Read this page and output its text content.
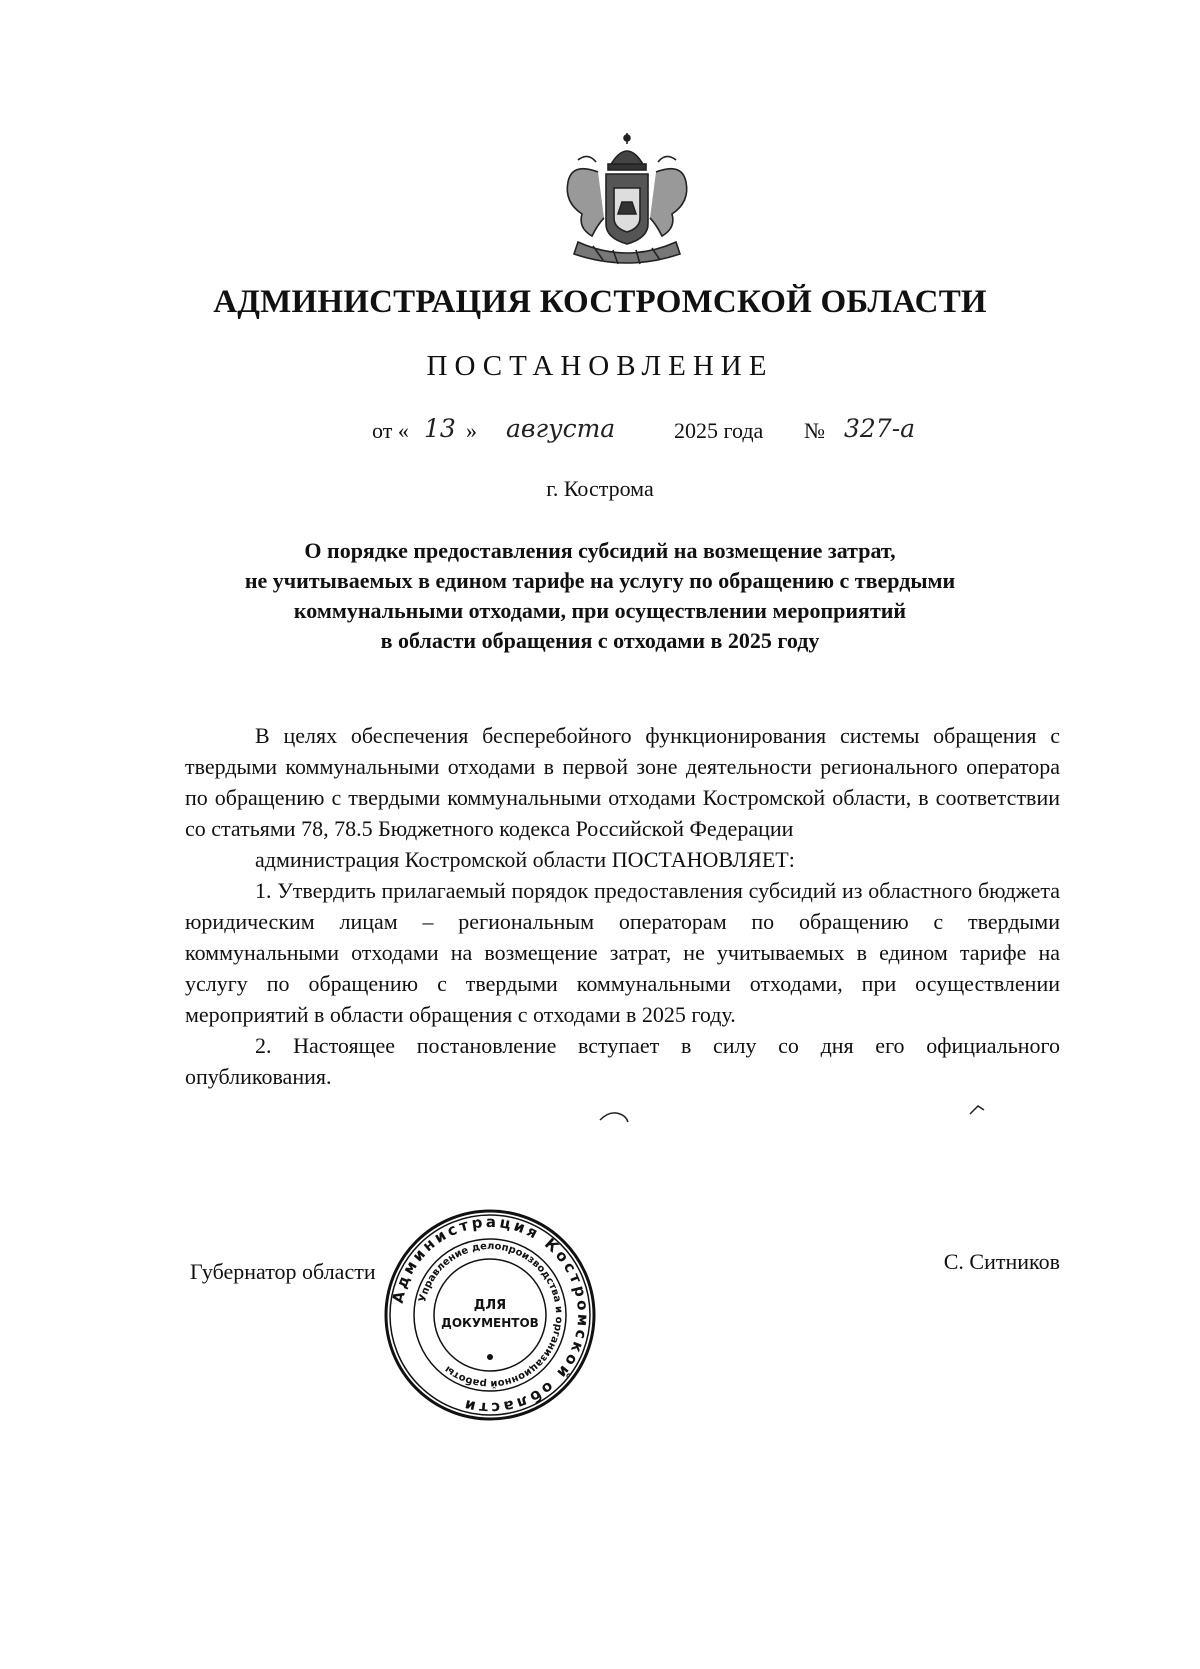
АДМИНИСТРАЦИЯ КОСТРОМСКОЙ ОБЛАСТИ
ПОСТАНОВЛЕНИЕ
от « 13 » августа	2025 года № 327-а
г. Кострома
О порядке предоставления субсидий на возмещение затрат,
не учитываемых в едином тарифе на услугу по обращению с твердыми
коммунальными отходами, при осуществлении мероприятий
в области обращения с отходами в 2025 году

В целях обеспечения бесперебойного функционирования системы обращения с твердыми коммунальными отходами в первой зоне деятельности регионального оператора по обращению с твердыми коммунальными отходами Костромской области, в соответствии со статьями 78, 78.5 Бюджетного кодекса Российской Федерации

администрация Костромской области ПОСТАНОВЛЯЕТ:

1. Утвердить прилагаемый порядок предоставления субсидий из областного бюджета юридическим лицам – региональным операторам по обращению с твердыми коммунальными отходами на возмещение затрат, не учитываемых в едином тарифе на услугу по обращению с твердыми коммунальными отходами, при осуществлении мероприятий в области обращения с отходами в 2025 году.

2. Настоящее постановление вступает в силу со дня его официального опубликования.

Губернатор области	С. Ситников
Администрация Костромской области
Управление делопроизводства и организационной работы
ДЛЯ
ДОКУМЕНТОВ
